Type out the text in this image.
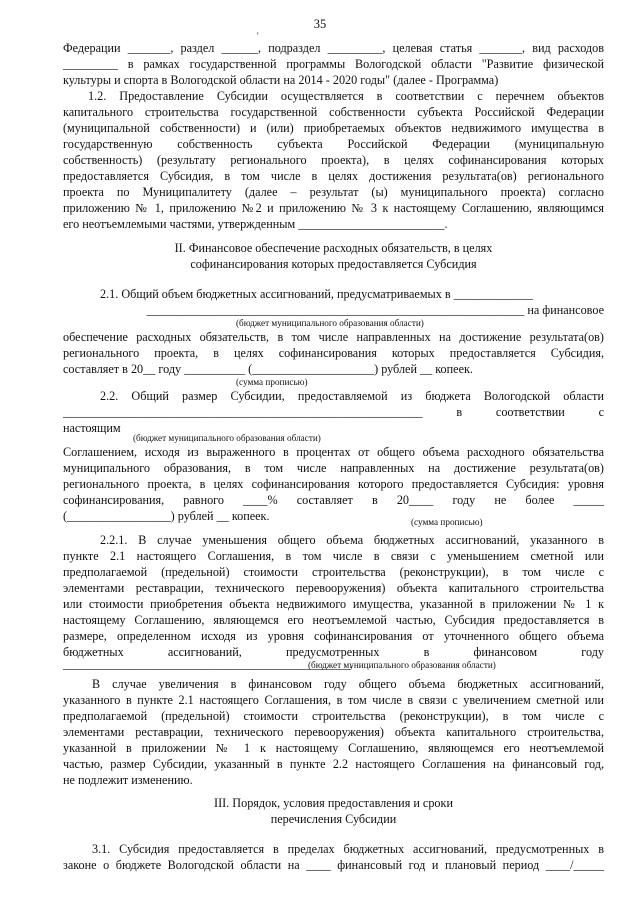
35
'
Федерации _______, раздел ______, подраздел _________, целевая статья _______, вид расходов
_________ в рамках государственной программы Вологодской области "Развитие физической
культуры и спорта в Вологодской области на 2014 - 2020 годы" (далее - Программа)
1.2. Предоставление Субсидии осуществляется в соответствии с перечнем объектов
капитального строительства государственной собственности субъекта Российской Федерации
(муниципальной собственности) и (или) приобретаемых объектов недвижимого имущества в
государственную собственность субъекта Российской Федерации (муниципальную
собственность) (результату регионального проекта), в целях софинансирования которых
предоставляется Субсидия, в том числе в целях достижения результата(ов) регионального
проекта по Муниципалитету (далее – результат (ы) муниципального проекта) согласно
приложению № 1, приложению №2 и приложению № 3 к настоящему Соглашению, являющимся
его неотъемлемыми частями, утвержденным ________________________.
II. Финансовое обеспечение расходных обязательств, в целях
софинансирования которых предоставляется Субсидия
2.1. Общий объем бюджетных ассигнований, предусматриваемых в _____________
______________________________________________________________ на финансовое
(бюджет муниципального образования области)
обеспечение расходных обязательств, в том числе направленных на достижение результата(ов)
регионального проекта, в целях софинансирования которых предоставляется Субсидия,
составляет в 20__ году __________ (____________________) рублей __ копеек.
(сумма прописью)
2.2. Общий размер Субсидии, предоставляемой из бюджета Вологодской области
___________________________________________________________ в соответствии с
настоящим
(бюджет муниципального образования области)
Соглашением, исходя из выраженного в процентах от общего объема расходного обязательства
муниципального образования, в том числе направленных на достижение результата(ов)
регионального проекта, в целях софинансирования которого предоставляется Субсидия: уровня
софинансирования, равного ____% составляет в 20____ году не более _____
(_________________) рублей __ копеек.	(сумма прописью)
2.2.1. В случае уменьшения общего объема бюджетных ассигнований, указанного в
пункте 2.1 настоящего Соглашения, в том числе в связи с уменьшением сметной или
предполагаемой (предельной) стоимости строительства (реконструкции), в том числе с
элементами реставрации, технического перевооружения) объекта капитального строительства
или стоимости приобретения объекта недвижимого имущества, указанной в приложении № 1 к
настоящему Соглашению, являющемся его неотъемлемой частью, Субсидия предоставляется в
размере, определенном исходя из уровня софинансирования от уточненного общего объема
бюджетных ассигнований, предусмотренных в финансовом году
_______________________________________________.
(бюджет муниципального образования области)
В случае увеличения в финансовом году общего объема бюджетных ассигнований,
указанного в пункте 2.1 настоящего Соглашения, в том числе в связи с увеличением сметной или
предполагаемой (предельной) стоимости строительства (реконструкции), в том числе с
элементами реставрации, технического перевооружения) объекта капитального строительства,
указанной в приложении № 1 к настоящему Соглашению, являющемся его неотъемлемой
частью, размер Субсидии, указанный в пункте 2.2 настоящего Соглашения на финансовый год,
не подлежит изменению.
III. Порядок, условия предоставления и сроки
перечисления Субсидии
3.1. Субсидия предоставляется в пределах бюджетных ассигнований, предусмотренных в
законе о бюджете Вологодской области на ____ финансовый год и плановый период ____/_____
